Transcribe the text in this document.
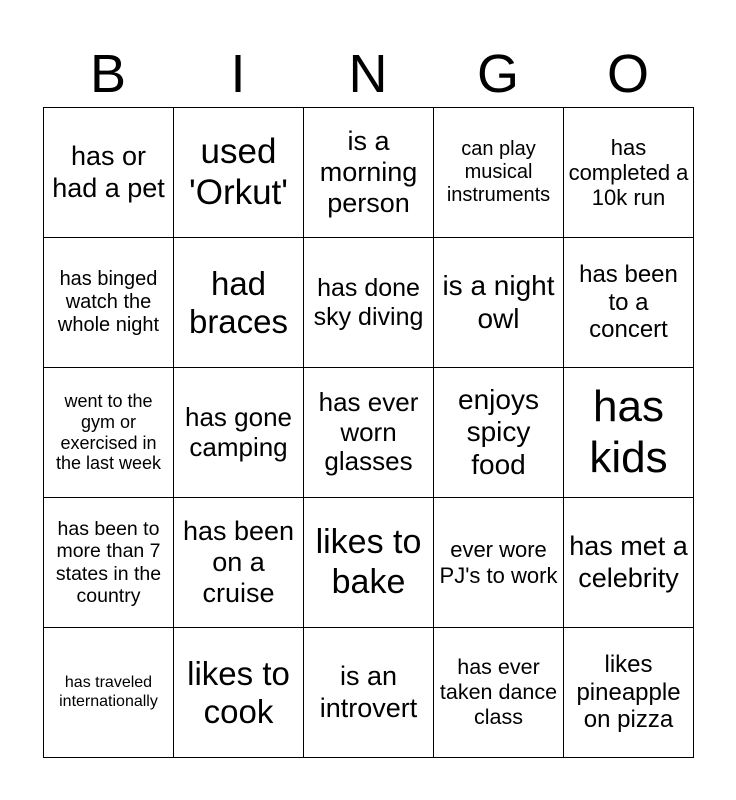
B	I	N	G	O
has or had a pet	used 'Orkut'	is a morning person	can play musical instruments	has completed a 10k run
has binged watch the whole night	had braces	has done sky diving	is a night owl	has been to a concert
went to the gym or exercised in the last week	has gone camping	has ever worn glasses	enjoys spicy food	has kids
has been to more than 7 states in the country	has been on a cruise	likes to bake	ever wore PJ's to work	has met a celebrity
has traveled internationally	likes to cook	is an introvert	has ever taken dance class	likes pineapple on pizza
